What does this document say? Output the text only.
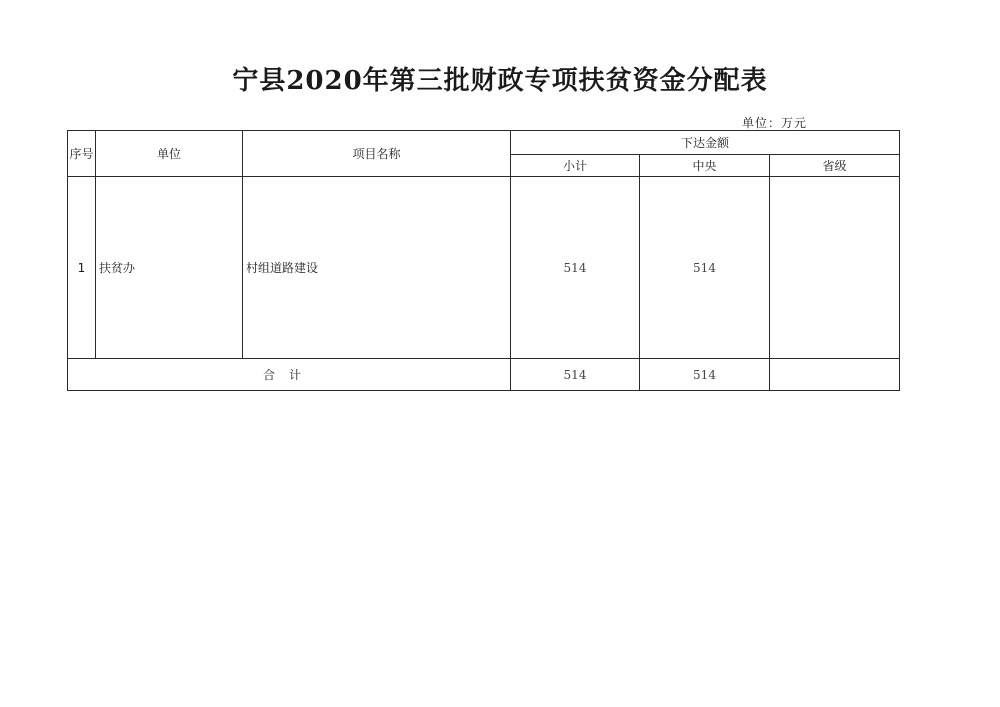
宁县2020年第三批财政专项扶贫资金分配表
单位：万元
序号	单位	项目名称	下达金额		
			小计	中央	省级
1	扶贫办	村组道路建设	514	514	
合计			514	514	
